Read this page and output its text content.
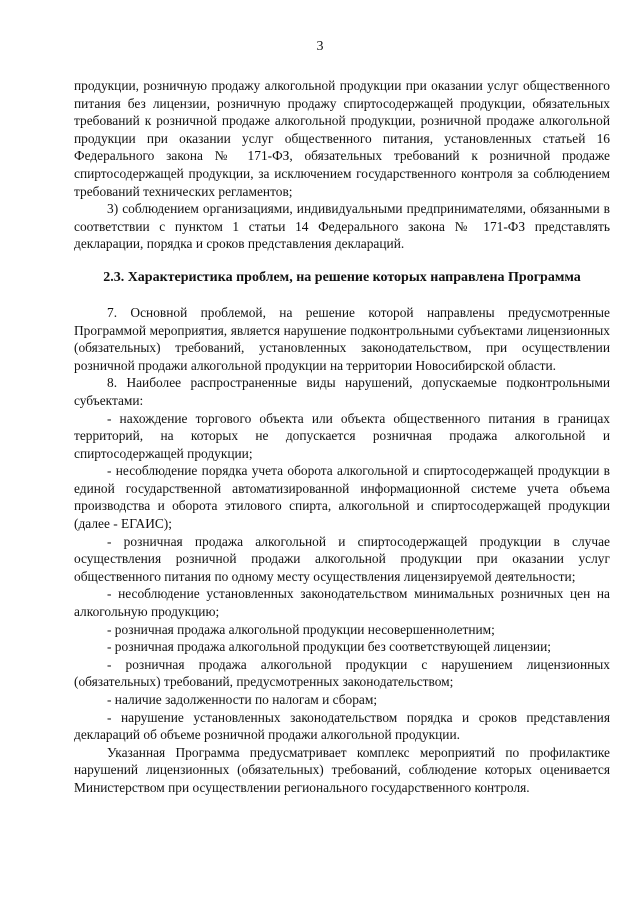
3

продукции, розничную продажу алкогольной продукции при оказании услуг общественного питания без лицензии, розничную продажу спиртосодержащей продукции, обязательных требований к розничной продаже алкогольной продукции, розничной продаже алкогольной продукции при оказании услуг общественного питания, установленных статьей 16 Федерального закона № 171-ФЗ, обязательных требований к розничной продаже спиртосодержащей продукции, за исключением государственного контроля за соблюдением требований технических регламентов;

3) соблюдением организациями, индивидуальными предпринимателями, обязанными в соответствии с пунктом 1 статьи 14 Федерального закона № 171-ФЗ представлять декларации, порядка и сроков представления деклараций.

2.3. Характеристика проблем, на решение которых направлена Программа

7. Основной проблемой, на решение которой направлены предусмотренные Программой мероприятия, является нарушение подконтрольными субъектами лицензионных (обязательных) требований, установленных законодательством, при осуществлении розничной продажи алкогольной продукции на территории Новосибирской области.

8. Наиболее распространенные виды нарушений, допускаемые подконтрольными субъектами:

- нахождение торгового объекта или объекта общественного питания в границах территорий, на которых не допускается розничная продажа алкогольной и спиртосодержащей продукции;

- несоблюдение порядка учета оборота алкогольной и спиртосодержащей продукции в единой государственной автоматизированной информационной системе учета объема производства и оборота этилового спирта, алкогольной и спиртосодержащей продукции (далее - ЕГАИС);

- розничная продажа алкогольной и спиртосодержащей продукции в случае осуществления розничной продажи алкогольной продукции при оказании услуг общественного питания по одному месту осуществления лицензируемой деятельности;

- несоблюдение установленных законодательством минимальных розничных цен на алкогольную продукцию;

- розничная продажа алкогольной продукции несовершеннолетним;

- розничная продажа алкогольной продукции без соответствующей лицензии;

- розничная продажа алкогольной продукции с нарушением лицензионных (обязательных) требований, предусмотренных законодательством;

- наличие задолженности по налогам и сборам;

- нарушение установленных законодательством порядка и сроков представления деклараций об объеме розничной продажи алкогольной продукции.

Указанная Программа предусматривает комплекс мероприятий по профилактике нарушений лицензионных (обязательных) требований, соблюдение которых оценивается Министерством при осуществлении регионального государственного контроля.
